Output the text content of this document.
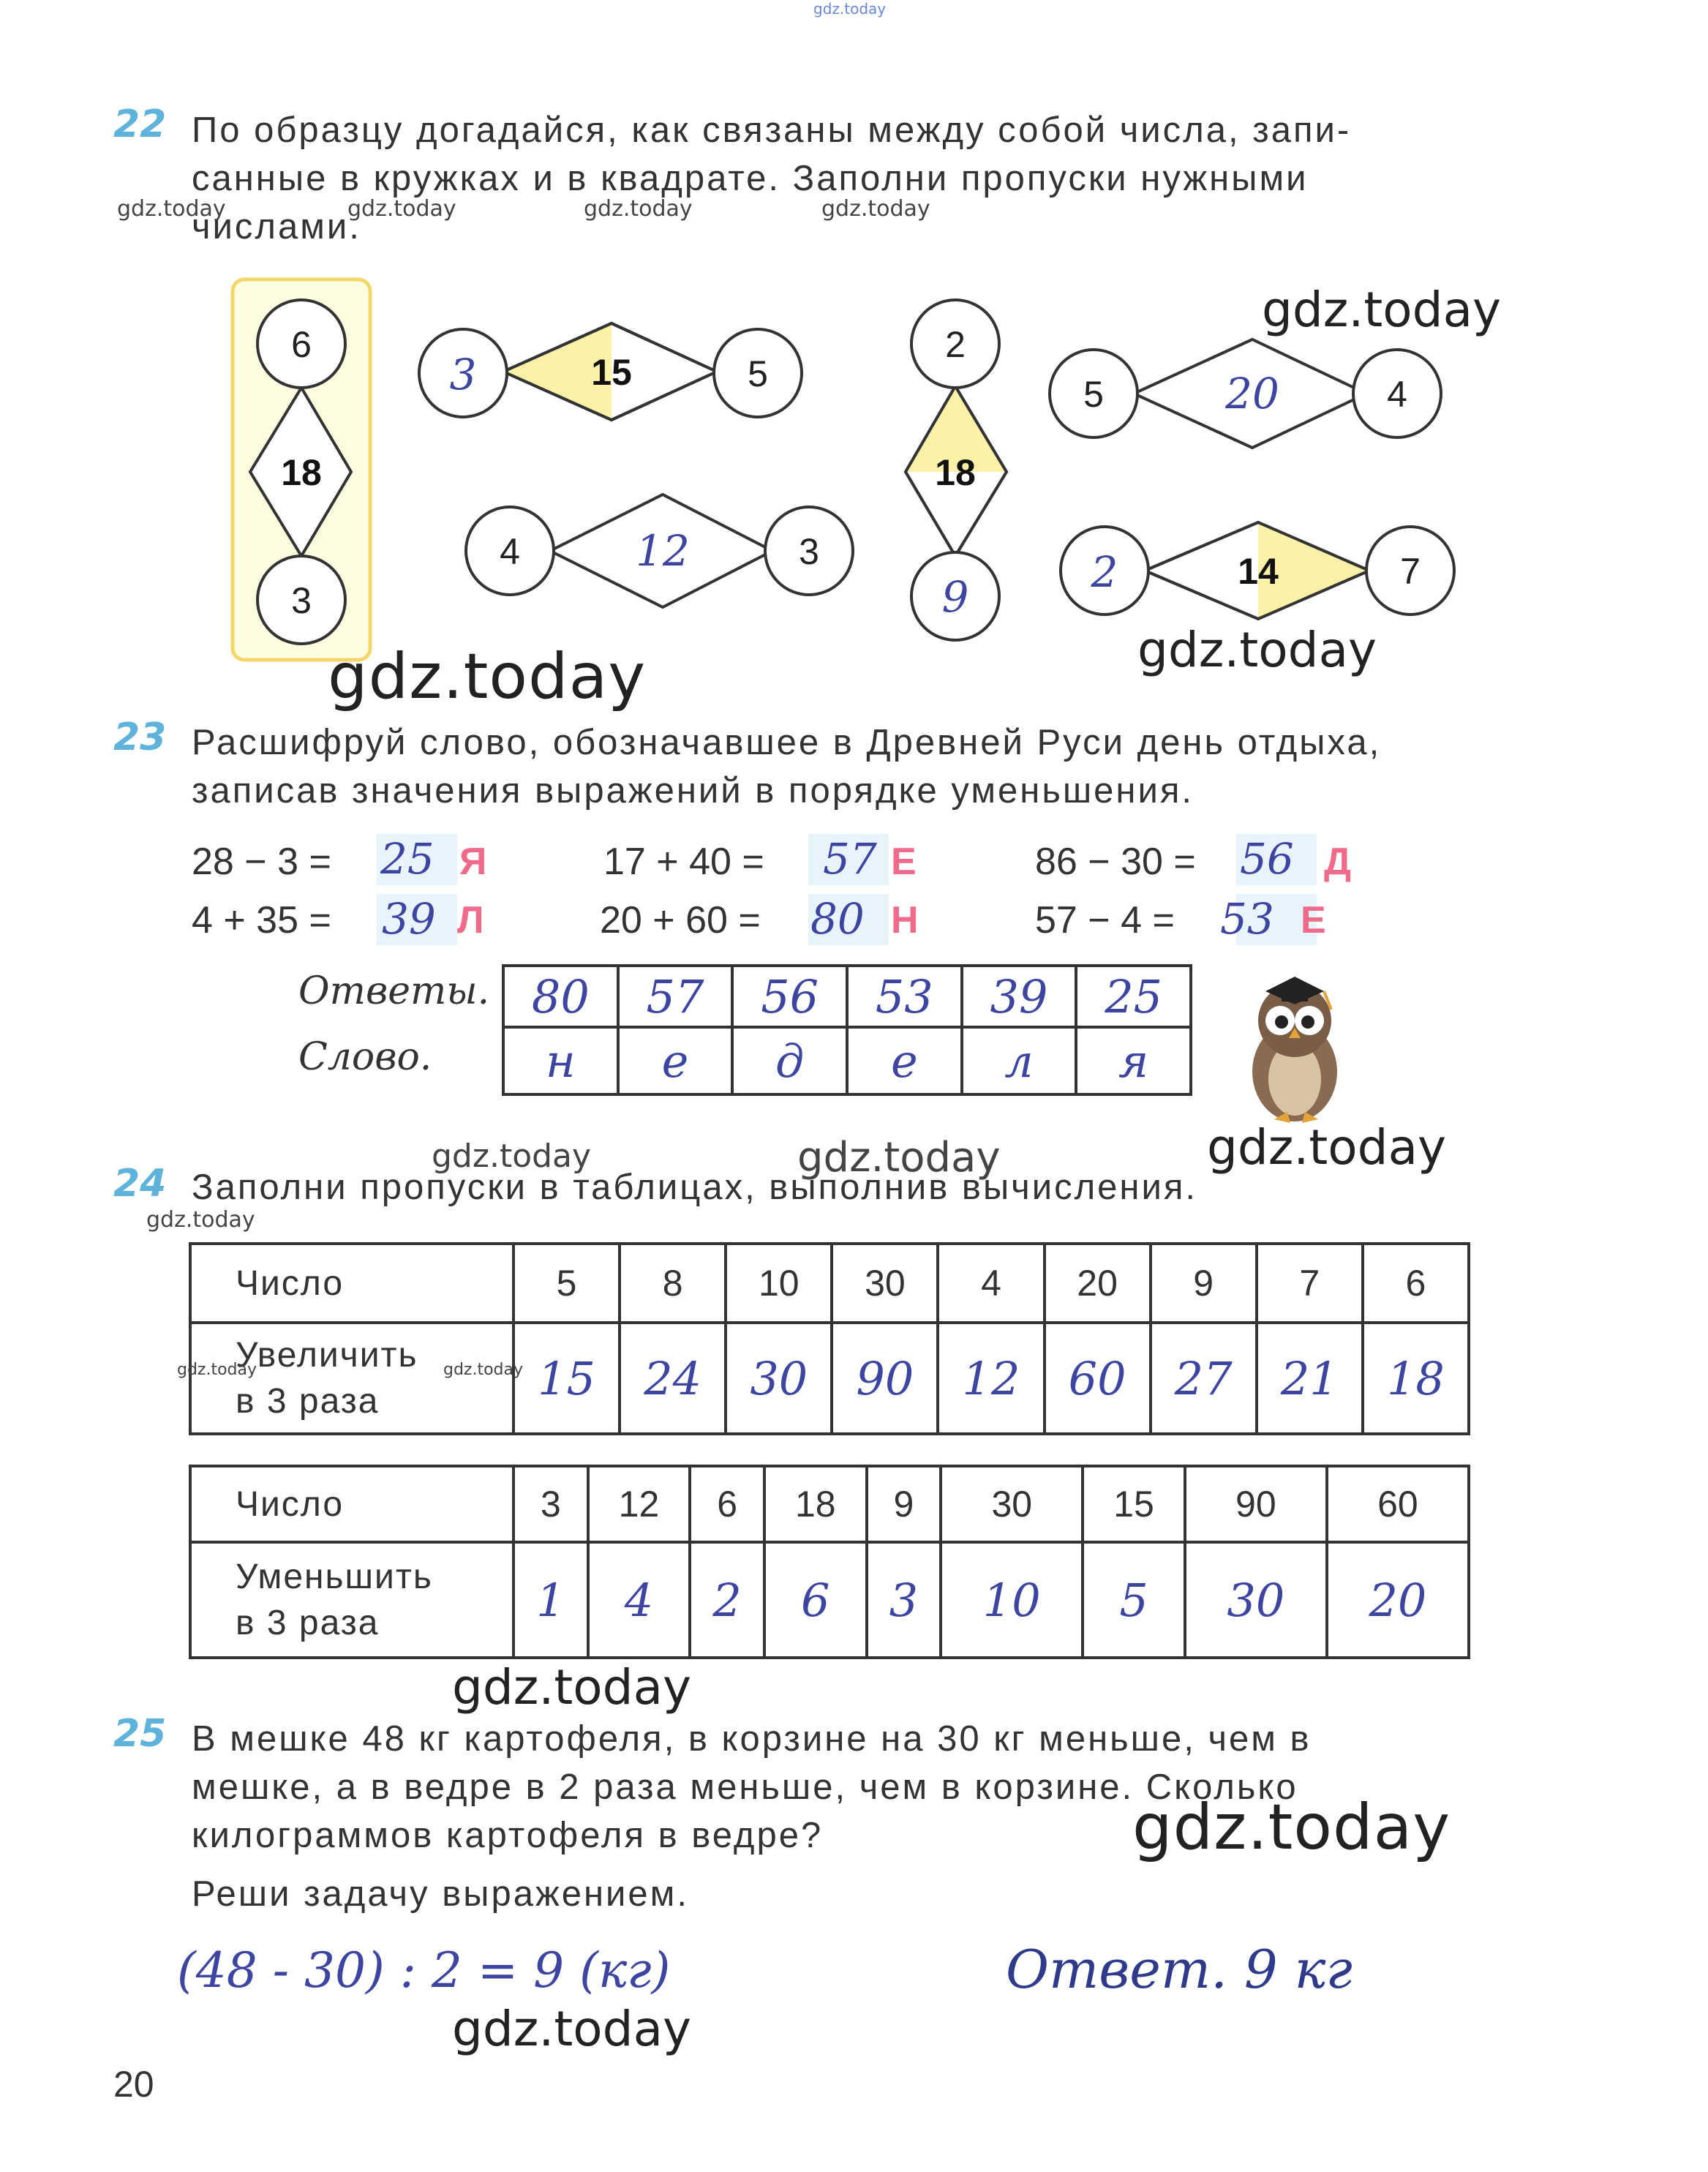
gdz.today
22 По образцу догадайся, как связаны между собой числа, запи-
санные в кружках и в квадрате. Заполни пропуски нужными
числами.
gdz.today	gdz.today	gdz.today	gdz.today
6
18
3
3	15	5
4	12	3
2
18
9
5	20	4
2	14	7
gdz.today
gdz.today
gdz.today
23 Расшифруй слово, обозначавшее в Древней Руси день отдыха,
записав значения выражений в порядке уменьшения.
28 − 3 = 25 Я	17 + 40 = 57 Е	86 − 30 = 56 Д
4 + 35 = 39 Л	20 + 60 = 80 Н	57 − 4 = 53 Е
Ответы.
Слово.
80	57	56	53	39	25
н	е	д	е	л	я
gdz.today
gdz.today	gdz.today
24 Заполни пропуски в таблицах, выполнив вычисления.
gdz.today
Число	5	8	10	30	4	20	9	7	6

Увеличить
в 3 раза	15	24	30	90	12	60	27	21	18
gdz.today	gdz.today
Число	3	12	6	18	9	30	15	90	60

Уменьшить
в 3 раза	1	4	2	6	3	10	5	30	20
gdz.today
25 В мешке 48 кг картофеля, в корзине на 30 кг меньше, чем в
мешке, а в ведре в 2 раза меньше, чем в корзине. Сколько
килограммов картофеля в ведре?
Реши задачу выражением.
gdz.today
(48 - 30) : 2 = 9 (кг)	Ответ. 9 кг
gdz.today
20
